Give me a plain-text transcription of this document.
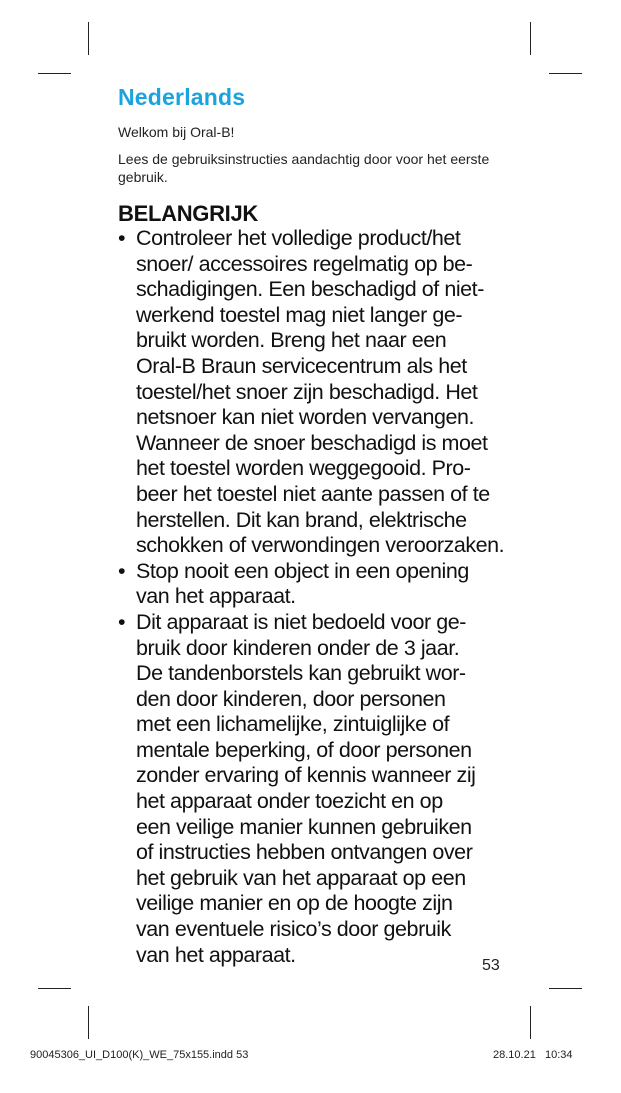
Nederlands
Welkom bij Oral-B!
Lees de gebruiksinstructies aandachtig door voor het eerste gebruik.
BELANGRIJK
• Controleer het volledige product/het
snoer/ accessoires regelmatig op be-
schadigingen. Een beschadigd of niet-
werkend toestel mag niet langer ge-
bruikt worden. Breng het naar een
Oral-B Braun servicecentrum als het
toestel/het snoer zijn beschadigd. Het
netsnoer kan niet worden vervangen.
Wanneer de snoer beschadigd is moet
het toestel worden weggegooid. Pro-
beer het toestel niet aante passen of te
herstellen. Dit kan brand, elektrische
schokken of verwondingen veroorzaken.
• Stop nooit een object in een opening
van het apparaat.
• Dit apparaat is niet bedoeld voor ge-
bruik door kinderen onder de 3 jaar.
De tandenborstels kan gebruikt wor-
den door kinderen, door personen
met een lichamelijke, zintuiglijke of
mentale beperking, of door personen
zonder ervaring of kennis wanneer zij
het apparaat onder toezicht en op
een veilige manier kunnen gebruiken
of instructies hebben ontvangen over
het gebruik van het apparaat op een
veilige manier en op de hoogte zijn
van eventuele risico’s door gebruik
van het apparaat.	53
90045306_UI_D100(K)_WE_75x155.indd 53	28.10.21   10:34
